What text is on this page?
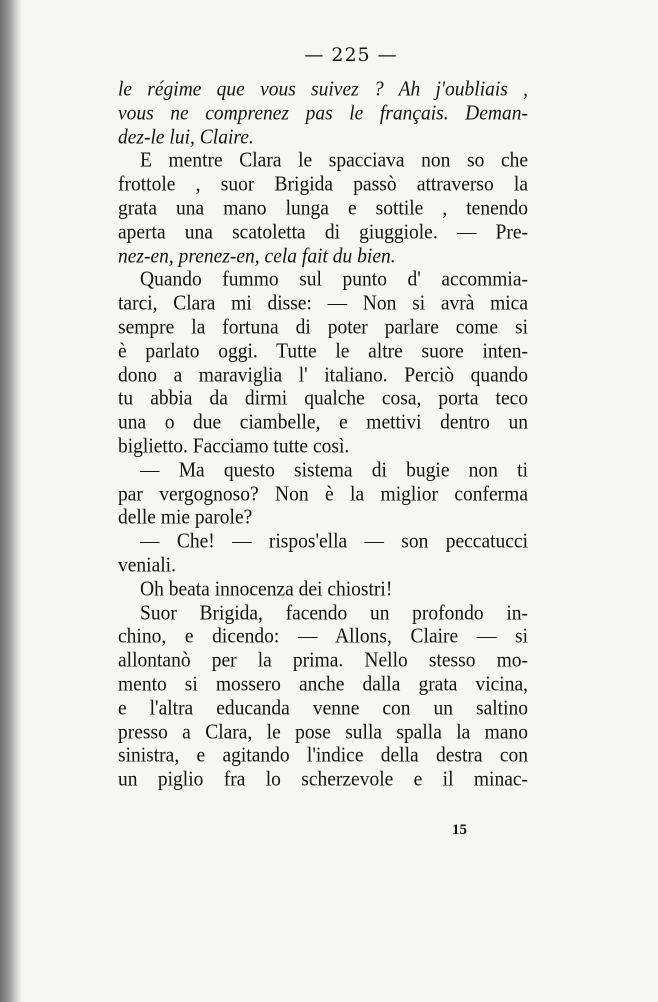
— 225 —
le régime que vous suivez ? Ah j'oubliais ,
vous ne comprenez pas le français. Deman-
dez-le lui, Claire.
E mentre Clara le spacciava non so che
frottole , suor Brigida passò attraverso la
grata una mano lunga e sottile , tenendo
aperta una scatoletta di giuggiole. — Pre-
nez-en, prenez-en, cela fait du bien.
Quando fummo sul punto d' accommia-
tarci, Clara mi disse: — Non si avrà mica
sempre la fortuna di poter parlare come si
è parlato oggi. Tutte le altre suore inten-
dono a maraviglia l' italiano. Perciò quando
tu abbia da dirmi qualche cosa, porta teco
una o due ciambelle, e mettivi dentro un
biglietto. Facciamo tutte così.
— Ma questo sistema di bugie non ti
par vergognoso? Non è la miglior conferma
delle mie parole?
— Che! — rispos'ella — son peccatucci
veniali.
Oh beata innocenza dei chiostri!
Suor Brigida, facendo un profondo in-
chino, e dicendo: — Allons, Claire — si
allontanò per la prima. Nello stesso mo-
mento si mossero anche dalla grata vicina,
e l'altra educanda venne con un saltino
presso a Clara, le pose sulla spalla la mano
sinistra, e agitando l'indice della destra con
un piglio fra lo scherzevole e il minac-
15
